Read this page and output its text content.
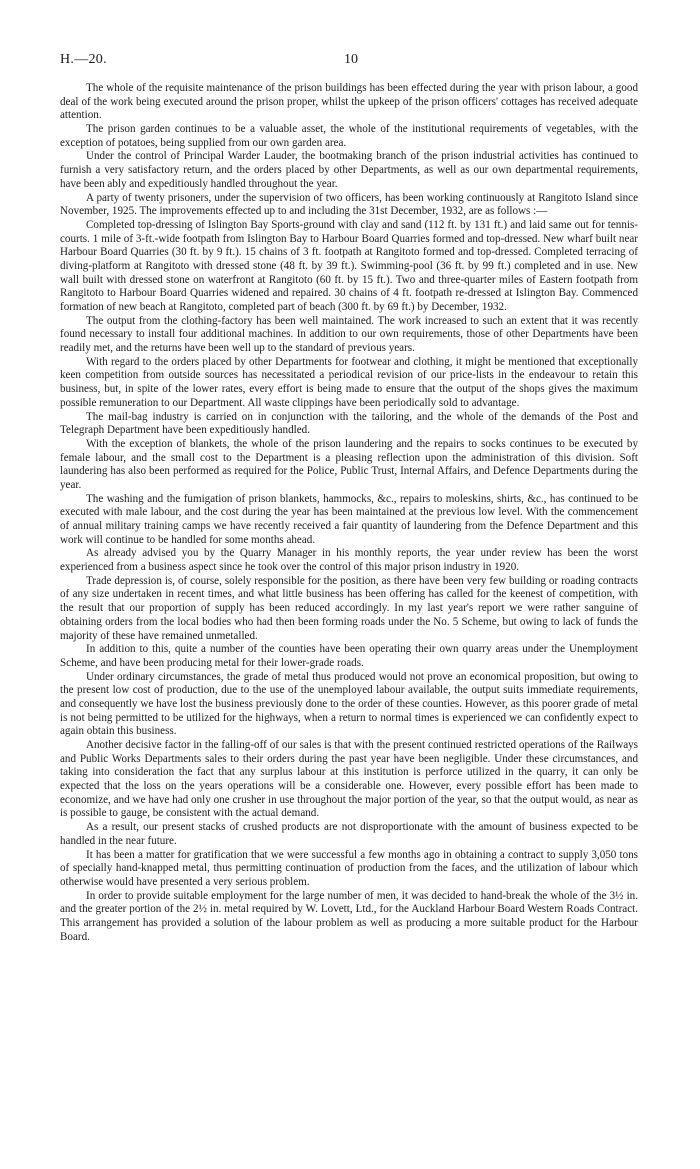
H.—20.	10

The whole of the requisite maintenance of the prison buildings has been effected during the year with prison labour, a good deal of the work being executed around the prison proper, whilst the upkeep of the prison officers' cottages has received adequate attention.

The prison garden continues to be a valuable asset, the whole of the institutional requirements of vegetables, with the exception of potatoes, being supplied from our own garden area.

Under the control of Principal Warder Lauder, the bootmaking branch of the prison industrial activities has continued to furnish a very satisfactory return, and the orders placed by other Departments, as well as our own departmental requirements, have been ably and expeditiously handled throughout the year.

A party of twenty prisoners, under the supervision of two officers, has been working continuously at Rangitoto Island since November, 1925. The improvements effected up to and including the 31st December, 1932, are as follows :—

Completed top-dressing of Islington Bay Sports-ground with clay and sand (112 ft. by 131 ft.) and laid same out for tennis-courts. 1 mile of 3-ft.-wide footpath from Islington Bay to Harbour Board Quarries formed and top-dressed. New wharf built near Harbour Board Quarries (30 ft. by 9 ft.). 15 chains of 3 ft. footpath at Rangitoto formed and top-dressed. Completed terracing of diving-platform at Rangitoto with dressed stone (48 ft. by 39 ft.). Swimming-pool (36 ft. by 99 ft.) completed and in use. New wall built with dressed stone on waterfront at Rangitoto (60 ft. by 15 ft.). Two and three-quarter miles of Eastern footpath from Rangitoto to Harbour Board Quarries widened and repaired. 30 chains of 4 ft. footpath re-dressed at Islington Bay. Commenced formation of new beach at Rangitoto, completed part of beach (300 ft. by 69 ft.) by December, 1932.

The output from the clothing-factory has been well maintained. The work increased to such an extent that it was recently found necessary to install four additional machines. In addition to our own requirements, those of other Departments have been readily met, and the returns have been well up to the standard of previous years.

With regard to the orders placed by other Departments for footwear and clothing, it might be mentioned that exceptionally keen competition from outside sources has necessitated a periodical revision of our price-lists in the endeavour to retain this business, but, in spite of the lower rates, every effort is being made to ensure that the output of the shops gives the maximum possible remuneration to our Department. All waste clippings have been periodically sold to advantage.

The mail-bag industry is carried on in conjunction with the tailoring, and the whole of the demands of the Post and Telegraph Department have been expeditiously handled.

With the exception of blankets, the whole of the prison laundering and the repairs to socks continues to be executed by female labour, and the small cost to the Department is a pleasing reflection upon the administration of this division. Soft laundering has also been performed as required for the Police, Public Trust, Internal Affairs, and Defence Departments during the year.

The washing and the fumigation of prison blankets, hammocks, &c., repairs to moleskins, shirts, &c., has continued to be executed with male labour, and the cost during the year has been maintained at the previous low level. With the commencement of annual military training camps we have recently received a fair quantity of laundering from the Defence Department and this work will continue to be handled for some months ahead.

As already advised you by the Quarry Manager in his monthly reports, the year under review has been the worst experienced from a business aspect since he took over the control of this major prison industry in 1920.

Trade depression is, of course, solely responsible for the position, as there have been very few building or roading contracts of any size undertaken in recent times, and what little business has been offering has called for the keenest of competition, with the result that our proportion of supply has been reduced accordingly. In my last year's report we were rather sanguine of obtaining orders from the local bodies who had then been forming roads under the No. 5 Scheme, but owing to lack of funds the majority of these have remained unmetalled.

In addition to this, quite a number of the counties have been operating their own quarry areas under the Unemployment Scheme, and have been producing metal for their lower-grade roads.

Under ordinary circumstances, the grade of metal thus produced would not prove an economical proposition, but owing to the present low cost of production, due to the use of the unemployed labour available, the output suits immediate requirements, and consequently we have lost the business previously done to the order of these counties. However, as this poorer grade of metal is not being permitted to be utilized for the highways, when a return to normal times is experienced we can confidently expect to again obtain this business.

Another decisive factor in the falling-off of our sales is that with the present continued restricted operations of the Railways and Public Works Departments sales to their orders during the past year have been negligible. Under these circumstances, and taking into consideration the fact that any surplus labour at this institution is perforce utilized in the quarry, it can only be expected that the loss on the years operations will be a considerable one. However, every possible effort has been made to economize, and we have had only one crusher in use throughout the major portion of the year, so that the output would, as near as is possible to gauge, be consistent with the actual demand.

As a result, our present stacks of crushed products are not disproportionate with the amount of business expected to be handled in the near future.

It has been a matter for gratification that we were successful a few months ago in obtaining a contract to supply 3,050 tons of specially hand-knapped metal, thus permitting continuation of production from the faces, and the utilization of labour which otherwise would have presented a very serious problem.

In order to provide suitable employment for the large number of men, it was decided to hand-break the whole of the 3½ in. and the greater portion of the 2½ in. metal required by W. Lovett, Ltd., for the Auckland Harbour Board Western Roads Contract. This arrangement has provided a solution of the labour problem as well as producing a more suitable product for the Harbour Board.
